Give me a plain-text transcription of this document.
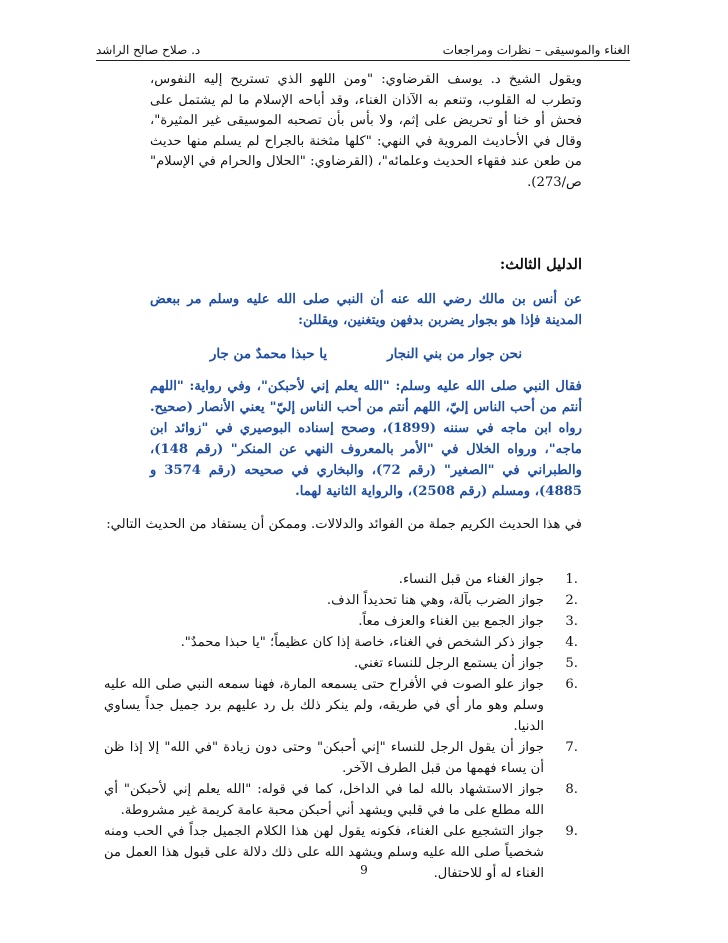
الغناء والموسيقى – نظرات ومراجعات
د. صلاح صالح الراشد

ويقول الشيخ د. يوسف القرضاوي: "ومن اللهو الذي تستريح إليه النفوس، وتطرب له القلوب، وتنعم به الآذان الغناء، وقد أباحه الإسلام ما لم يشتمل على فحش أو خنا أو تحريض على إثم، ولا بأس بأن تصحبه الموسيقى غير المثيرة"، وقال في الأحاديث المروية في النهي: "كلها مثخنة بالجراح لم يسلم منها حديث من طعن عند فقهاء الحديث وعلمائه"، (القرضاوي: "الحلال والحرام في الإسلام" ص/273).

الدليل الثالث:

عن أنس بن مالك رضي الله عنه أن النبي صلى الله عليه وسلم مر ببعض المدينة فإذا هو بجوار يضربن بدفهن ويتغنين، ويقللن:

نحن جوار من بني النجار
يا حبذا محمدٌ من جار

فقال النبي صلى الله عليه وسلم: "الله يعلم إني لأحبكن"، وفي رواية: "اللهم أنتم من أحب الناس إليّ، اللهم أنتم من أحب الناس إليّ" يعني الأنصار (صحيح. رواه ابن ماجه في سننه (1899)، وصحح إسناده البوصيري في "زوائد ابن ماجه"، ورواه الخلال في "الأمر بالمعروف النهي عن المنكر" (رقم 148)، والطبراني في "الصغير" (رقم 72)، والبخاري في صحيحه (رقم 3574 و 4885)، ومسلم (رقم 2508)، والرواية الثانية لهما.

في هذا الحديث الكريم جملة من الفوائد والدلالات. وممكن أن يستفاد من الحديث التالي:

.1
جواز الغناء من قبل النساء.
.2
جواز الضرب بآلة، وهي هنا تحديداً الدف.
.3
جواز الجمع بين الغناء والعزف معاً.
.4
جواز ذكر الشخص في الغناء، خاصة إذا كان عظيماً؛ "يا حبذا محمدٌ".
.5
جواز أن يستمع الرجل للنساء تغني.
.6
جواز علو الصوت في الأفراح حتى يسمعه المارة، فهنا سمعه النبي صلى الله عليه وسلم وهو مار أي في طريقه، ولم ينكر ذلك بل رد عليهم برد جميل جداً يساوي الدنيا.
.7
جواز أن يقول الرجل للنساء "إني أحبكن" وحتى دون زيادة "في الله" إلا إذا ظن أن يساء فهمها من قبل الطرف الآخر.
.8
جواز الاستشهاد بالله لما في الداخل، كما في قوله: "الله يعلم إني لأحبكن" أي الله مطلع على ما في قلبي ويشهد أني أحبكن محبة عامة كريمة غير مشروطة.
.9
جواز التشجيع على الغناء، فكونه يقول لهن هذا الكلام الجميل جداً في الحب ومنه شخصياً صلى الله عليه وسلم ويشهد الله على ذلك دلالة على قبول هذا العمل من الغناء له أو للاحتفال.
9
